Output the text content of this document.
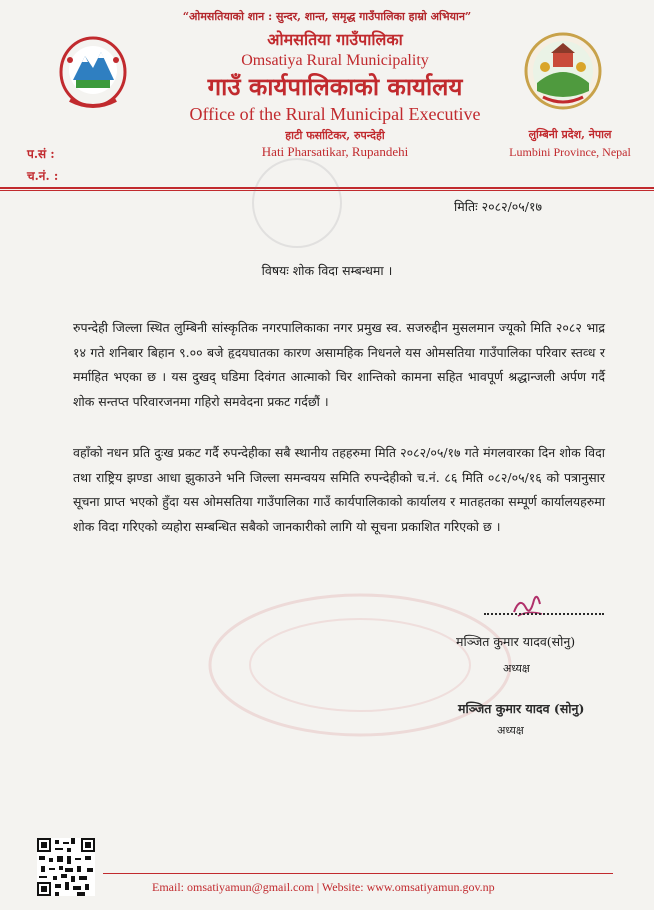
“ओमसतियाको शान : सुन्दर, शान्त, समृद्ध गाउँपालिका हाम्रो अभियान”
ओमसतिया गाउँपालिका
Omsatiya Rural Municipality
गाउँ कार्यपालिकाको कार्यालय
Office of the Rural Municipal Executive
हाटी फर्साटिकर, रुपन्देही
Hati Pharsatikar, Rupandehi
लुम्बिनी प्रदेश, नेपाल
Lumbini Province, Nepal
प.सं :
च.नं. :
मितिः २०८२/०५/१७
विषयः शोक विदा सम्बन्धमा ।
रुपन्देही जिल्ला स्थित लुम्बिनी सांस्कृतिक नगरपालिकाका नगर प्रमुख स्व. सजरुद्दीन मुसलमान ज्यूको मिति २०८२ भाद्र १४ गते शनिबार बिहान ९.०० बजे हृदयघातका कारण असामहिक निधनले यस ओमसतिया गाउँपालिका परिवार स्तव्ध र मर्माहित भएका छ । यस दुखद् घडिमा दिवंगत आत्माको चिर शान्तिको कामना सहित भावपूर्ण श्रद्धान्जली अर्पण गर्दै शोक सन्तप्त परिवारजनमा गहिरो समवेदना प्रकट गर्दछौं ।
वहाँको नधन प्रति दुःख प्रकट गर्दै रुपन्देहीका सबै स्थानीय तहहरुमा मिति २०८२/०५/१७ गते मंगलवारका दिन शोक विदा तथा राष्ट्रिय झण्डा आधा झुकाउने भनि जिल्ला समन्वयय समिति रुपन्देहीको च.नं. ८६ मिति ०८२/०५/१६ को पत्रानुसार सूचना प्राप्त भएको हुँदा यस ओमसतिया गाउँपालिका गाउँ कार्यपालिकाको कार्यालय र मातहतका सम्पूर्ण कार्यालयहरुमा शोक विदा गरिएको व्यहोरा सम्बन्धित सबैको जानकारीको लागि यो सूचना प्रकाशित गरिएको छ ।
मञ्जित कुमार यादव(सोनु)
अध्यक्ष
मञ्जित कुमार यादव (सोनु)
अध्यक्ष
Email: omsatiyamun@gmail.com | Website: www.omsatiyamun.gov.np
